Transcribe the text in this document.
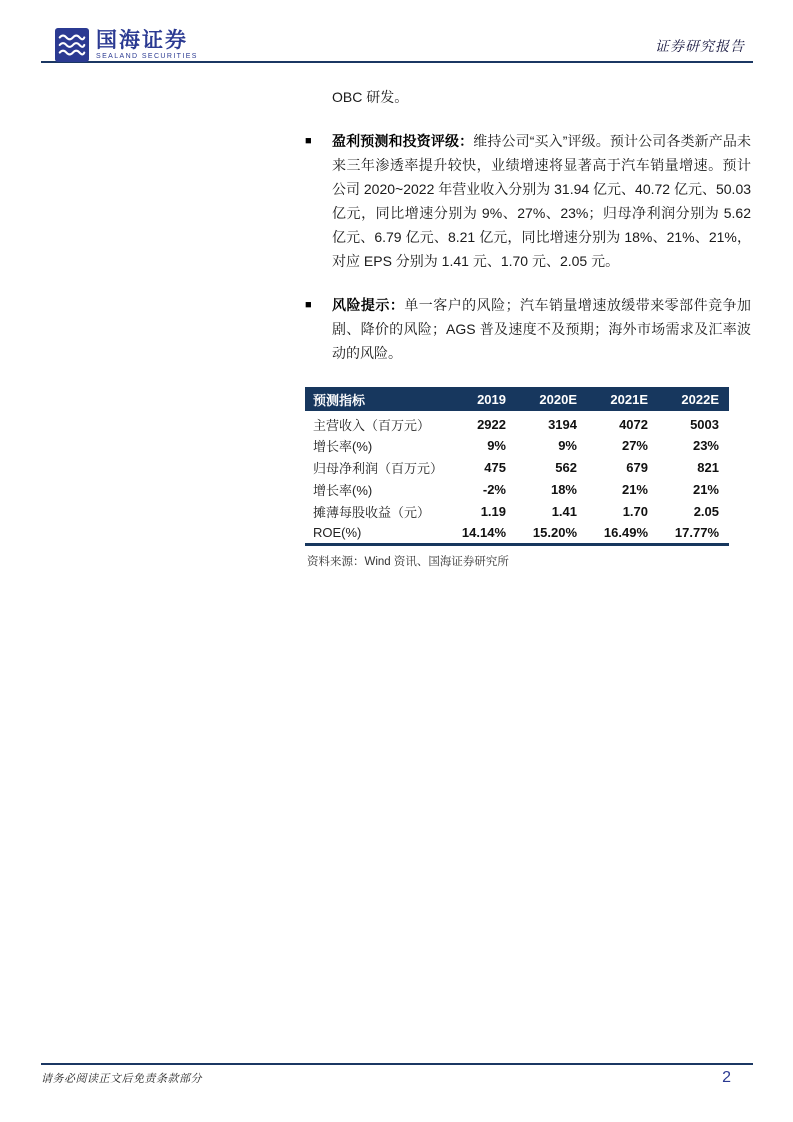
国海证券
SEALAND SECURITIES
证券研究报告

OBC 研发。

■	盈利预测和投资评级：维持公司“买入”评级。预计公司各类新产品未来三年渗透率提升较快，业绩增速将显著高于汽车销量增速。预计公司 2020~2022 年营业收入分别为 31.94 亿元、40.72 亿元、50.03 亿元，同比增速分别为 9%、27%、23%；归母净利润分别为 5.62 亿元、6.79 亿元、8.21 亿元，同比增速分别为 18%、21%、21%，对应 EPS 分别为 1.41 元、1.70 元、2.05 元。

■	风险提示：单一客户的风险；汽车销量增速放缓带来零部件竞争加剧、降价的风险；AGS 普及速度不及预期；海外市场需求及汇率波动的风险。

预测指标	2019	2020E	2021E	2022E
主营收入（百万元）	2922	3194	4072	5003
增长率(%)	9%	9%	27%	23%
归母净利润（百万元）	475	562	679	821
增长率(%)	-2%	18%	21%	21%
摊薄每股收益（元）	1.19	1.41	1.70	2.05
ROE(%)	14.14%	15.20%	16.49%	17.77%

资料来源：Wind 资讯、国海证券研究所

请务必阅读正文后免责条款部分	2
